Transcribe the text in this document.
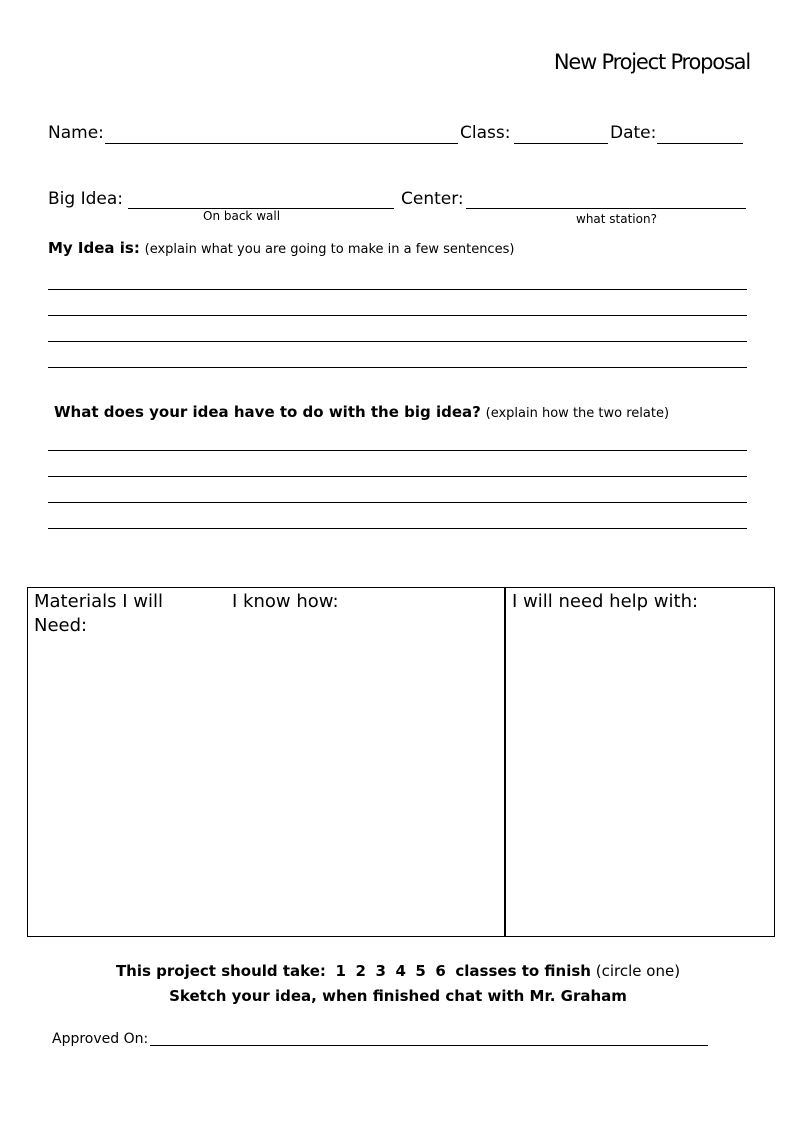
New Project Proposal
Name:	Class:	Date:
Big Idea:
On back wall
Center:
what station?
My Idea is: (explain what you are going to make in a few sentences)
What does your idea have to do with the big idea? (explain how the two relate)
Materials I will Need:
I know how:	I will need help with:
This project should take: 1 2 3 4 5 6 classes to finish (circle one)
Sketch your idea, when finished chat with Mr. Graham
Approved On:
